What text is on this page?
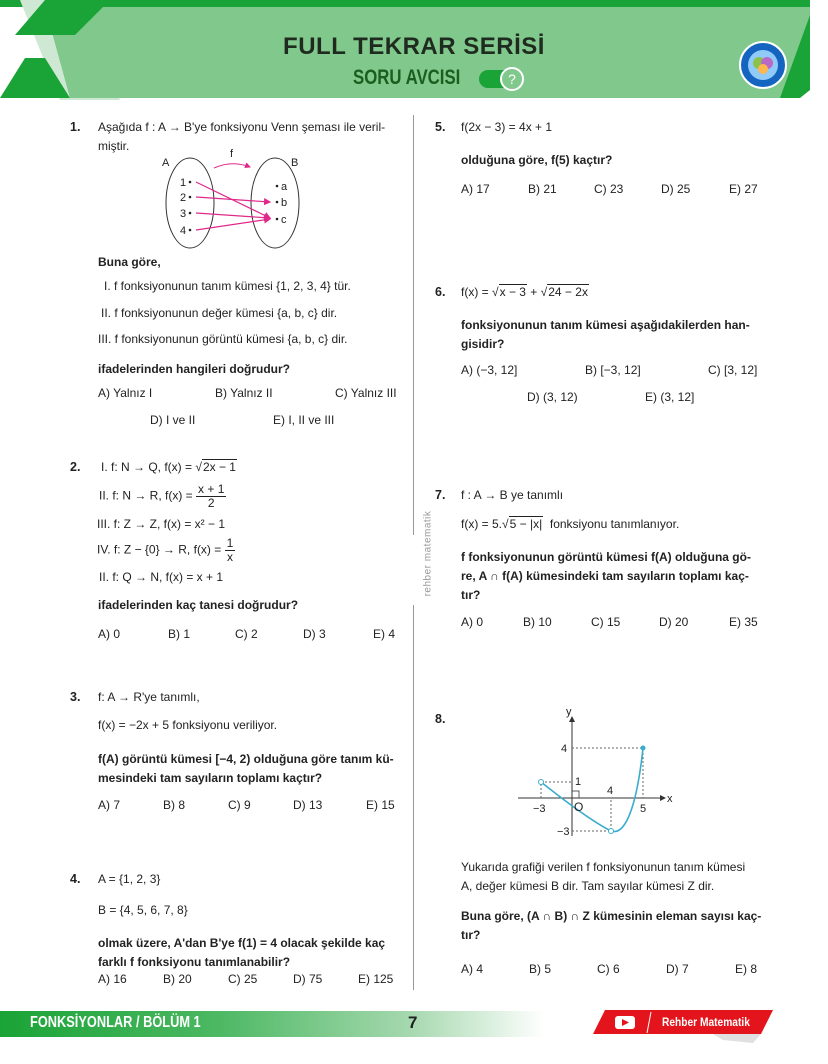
FULL TEKRAR SERİSİ
SORU AVCISI	?
rehber matematik
1. Aşağıda f : A → B'ye fonksiyonu Venn şeması ile veril-
miştir.
A	B
f
1
2
3
4
a
b
c
Buna göre,
I. f fonksiyonunun tanım kümesi {1, 2, 3, 4} tür.
II. f fonksiyonunun değer kümesi {a, b, c} dir.
III. f fonksiyonunun görüntü kümesi {a, b, c} dir.
ifadelerinden hangileri doğrudur?
A) Yalnız I	B) Yalnız II	C) Yalnız III
D) I ve II	E) I, II ve III
2. I. f: N → Q, f(x) = √2x − 1
II. f: N → R, $f(x) = \frac{x + 1}{2}$
III. f: Z → Z, f(x) = x² − 1
IV. f: Z − {0} → R, $f(x) = \frac{1}{x}$
II. f: Q → N, f(x) = x + 1
ifadelerinden kaç tanesi doğrudur?
A) 0	B) 1	C) 2	D) 3	E) 4
3. f: A → R'ye tanımlı,
f(x) = −2x + 5 fonksiyonu veriliyor.
f(A) görüntü kümesi [−4, 2) olduğuna göre tanım kü-
mesindeki tam sayıların toplamı kaçtır?
A) 7	B) 8	C) 9	D) 13	E) 15
4. A = {1, 2, 3}
B = {4, 5, 6, 7, 8}
olmak üzere, A'dan B'ye f(1) = 4 olacak şekilde kaç
farklı f fonksiyonu tanımlanabilir?
A) 16	B) 20	C) 25	D) 75	E) 125
5. f(2x − 3) = 4x + 1
olduğuna göre, f(5) kaçtır?
A) 17	B) 21	C) 23	D) 25	E) 27
6. f(x) = √x − 3 + √24 − 2x
fonksiyonunun tanım kümesi aşağıdakilerden han-
gisidir?
A) (−3, 12]	B) [−3, 12]	C) [3, 12]
D) (3, 12)	E) (3, 12]
7. f : A → B ye tanımlı
f(x) = 5.√5 − |x|  fonksiyonu tanımlanıyor.
f fonksiyonunun görüntü kümesi f(A) olduğuna gö-
re, A ∩ f(A) kümesindeki tam sayıların toplamı kaç-
tır?
A) 0	B) 10	C) 15	D) 20	E) 35
8.	y
x
O
−3
4
5
4
1
−3
Yukarıda grafiği verilen f fonksiyonunun tanım kümesi
A, değer kümesi B dir. Tam sayılar kümesi Z dir.
Buna göre, (A ∩ B) ∩ Z kümesinin eleman sayısı kaç-
tır?
A) 4	B) 5	C) 6	D) 7	E) 8
FONKSİYONLAR / BÖLÜM 1	7	Rehber Matematik
